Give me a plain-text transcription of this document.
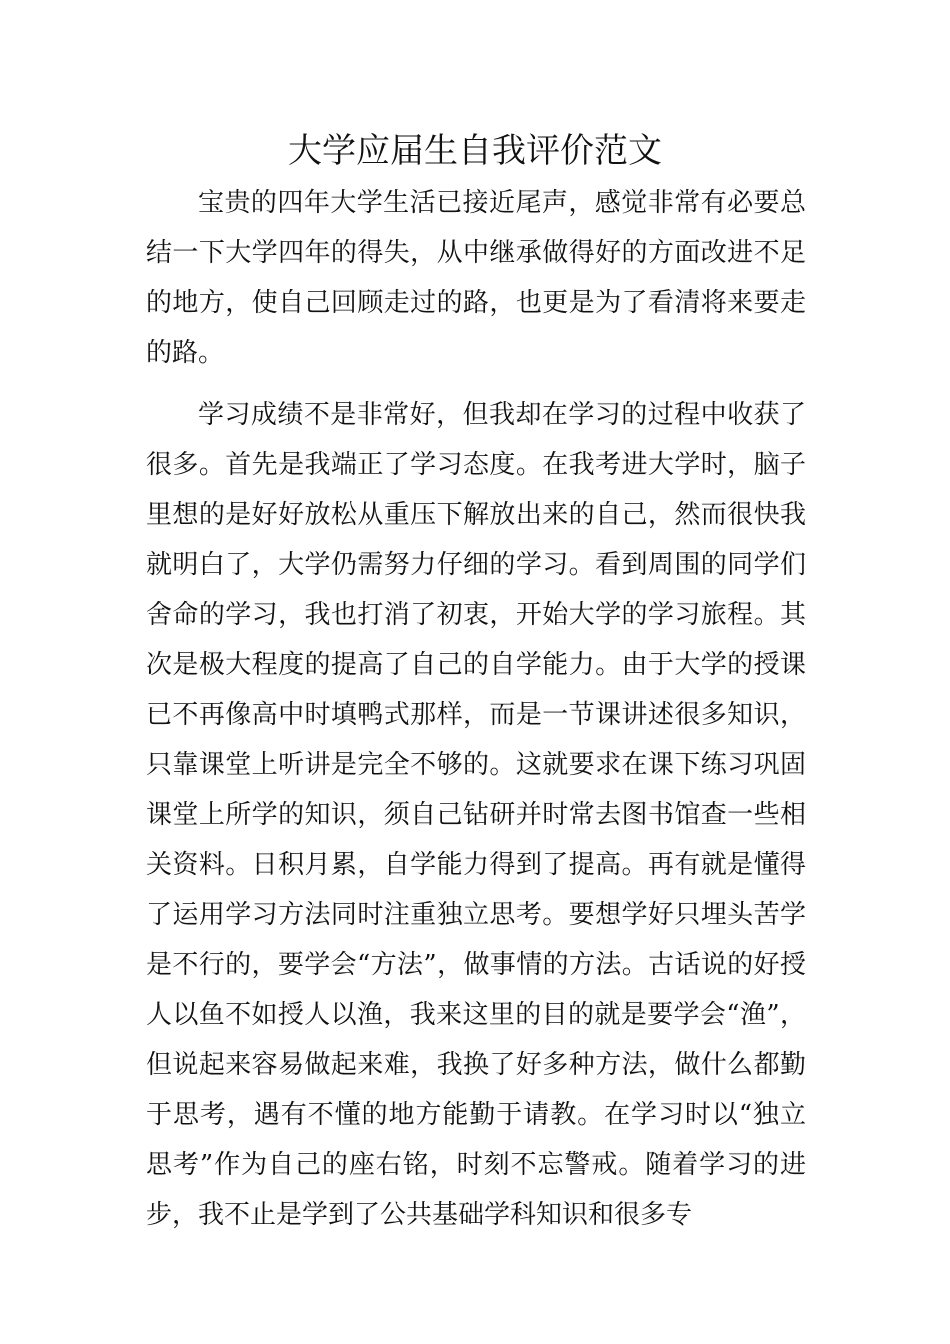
大学应届生自我评价范文

宝贵的四年大学生活已接近尾声，感觉非常有必要总结一下大学四年的得失，从中继承做得好的方面改进不足的地方，使自己回顾走过的路，也更是为了看清将来要走的路。

学习成绩不是非常好，但我却在学习的过程中收获了很多。首先是我端正了学习态度。在我考进大学时，脑子里想的是好好放松从重压下解放出来的自己，然而很快我就明白了，大学仍需努力仔细的学习。看到周围的同学们舍命的学习，我也打消了初衷，开始大学的学习旅程。其次是极大程度的提高了自己的自学能力。由于大学的授课已不再像高中时填鸭式那样，而是一节课讲述很多知识，只靠课堂上听讲是完全不够的。这就要求在课下练习巩固课堂上所学的知识，须自己钻研并时常去图书馆查一些相关资料。日积月累，自学能力得到了提高。再有就是懂得了运用学习方法同时注重独立思考。要想学好只埋头苦学是不行的，要学会“方法”，做事情的方法。古话说的好授人以鱼不如授人以渔，我来这里的目的就是要学会“渔”，但说起来容易做起来难，我换了好多种方法，做什么都勤于思考，遇有不懂的地方能勤于请教。在学习时以“独立思考”作为自己的座右铭，时刻不忘警戒。随着学习的进步，我不止是学到了公共基础学科知识和很多专
